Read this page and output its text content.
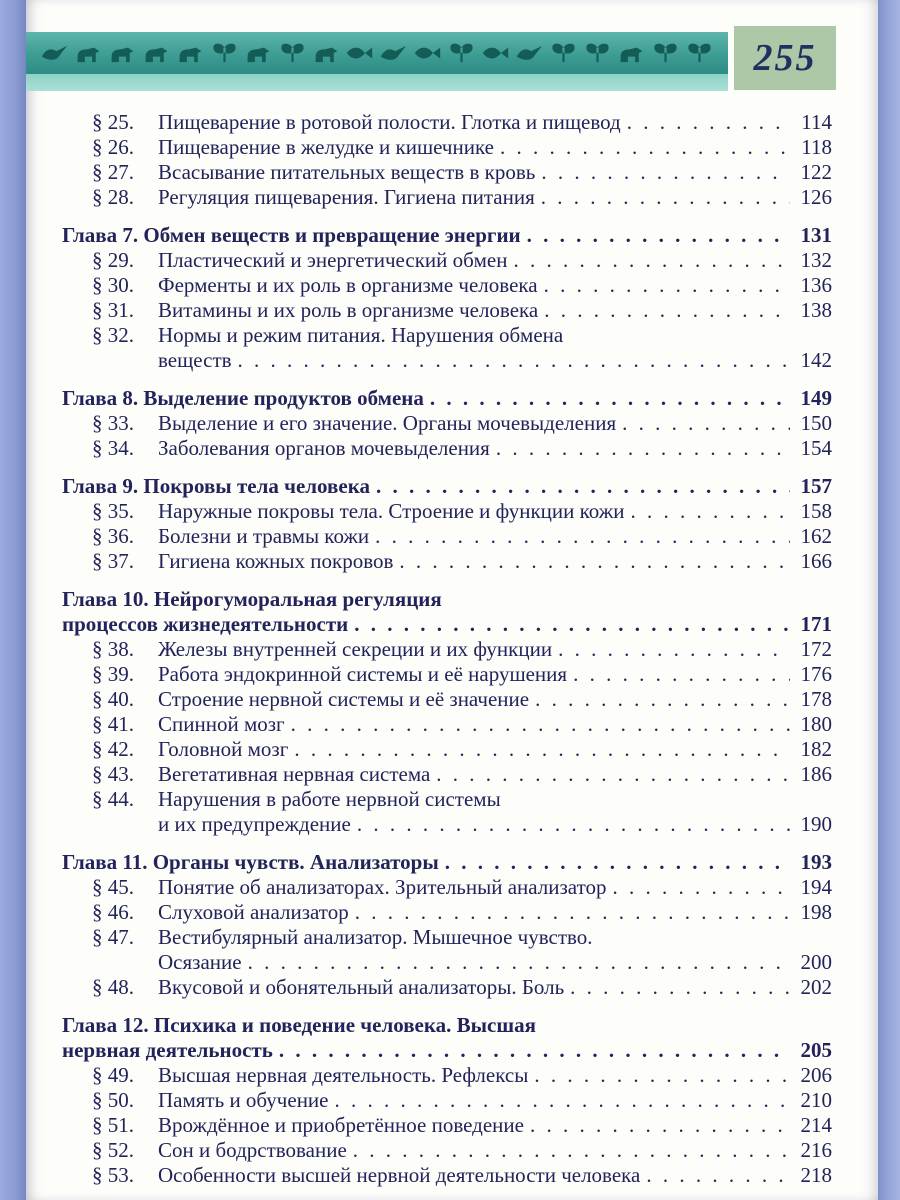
255
§ 25.	Пищеварение в ротовой полости. Глотка и пищевод . . .	114
§ 26.	Пищеварение в желудке и кишечнике . . .	118
§ 27.	Всасывание питательных веществ в кровь . . .	122
§ 28.	Регуляция пищеварения. Гигиена питания . . .	126
Глава 7. Обмен веществ и превращение энергии . . .	131
§ 29.	Пластический и энергетический обмен . . .	132
§ 30.	Ферменты и их роль в организме человека . . .	136
§ 31.	Витамины и их роль в организме человека . . .	138
§ 32.	Нормы и режим питания. Нарушения обмена
веществ . . .	142
Глава 8. Выделение продуктов обмена . . .	149
§ 33.	Выделение и его значение. Органы мочевыделения . . .	150
§ 34.	Заболевания органов мочевыделения . . .	154
Глава 9. Покровы тела человека . . .	157
§ 35.	Наружные покровы тела. Строение и функции кожи . . .	158
§ 36.	Болезни и травмы кожи . . .	162
§ 37.	Гигиена кожных покровов . . .	166
Глава 10. Нейрогуморальная регуляция
процессов жизнедеятельности . . .	171
§ 38.	Железы внутренней секреции и их функции . . .	172
§ 39.	Работа эндокринной системы и её нарушения . . .	176
§ 40.	Строение нервной системы и её значение . . .	178
§ 41.	Спинной мозг . . .	180
§ 42.	Головной мозг . . .	182
§ 43.	Вегетативная нервная система . . .	186
§ 44.	Нарушения в работе нервной системы
и их предупреждение . . .	190
Глава 11. Органы чувств. Анализаторы . . .	193
§ 45.	Понятие об анализаторах. Зрительный анализатор . . .	194
§ 46.	Слуховой анализатор . . .	198
§ 47.	Вестибулярный анализатор. Мышечное чувство.
Осязание . . .	200
§ 48.	Вкусовой и обонятельный анализаторы. Боль . . .	202
Глава 12. Психика и поведение человека. Высшая
нервная деятельность . . .	205
§ 49.	Высшая нервная деятельность. Рефлексы . . .	206
§ 50.	Память и обучение . . .	210
§ 51.	Врождённое и приобретённое поведение . . .	214
§ 52.	Сон и бодрствование . . .	216
§ 53.	Особенности высшей нервной деятельности человека . . .	218
